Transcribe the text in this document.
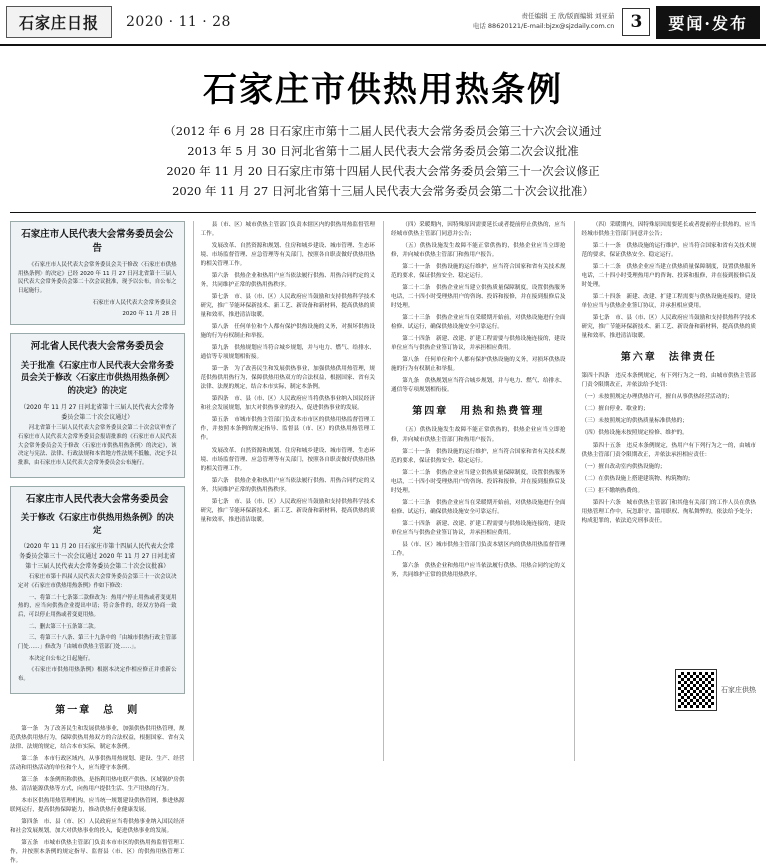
石家庄日报 2020 · 11 · 28	责任编辑 王 欣/版面编辑 刘亚茹
电话 88620121/E-mail:bjzx@sjzdaily.com.cn 3	要闻·发布
石家庄市供热用热条例
（2012 年 6 月 28 日石家庄市第十二届人民代表大会常务委员会第三十六次会议通过
2013 年 5 月 30 日河北省第十二届人民代表大会常务委员会第二次会议批准
2020 年 11 月 20 日石家庄市第十四届人民代表大会常务委员会第三十一次会议修正
2020 年 11 月 27 日河北省第十三届人民代表大会常务委员会第二十次会议批准）
石家庄市人民代表大会常务委员会公告

《石家庄市人民代表大会常务委员会关于修改〈石家庄市供热用热条例〉的决定》已经 2020 年 11 月 27 日河北省第十三届人民代表大会常务委员会第二十次会议批准，现予以公布，自公布之日起施行。

石家庄市人民代表大会常务委员会

2020 年 11 月 28 日

河北省人民代表大会常务委员会
关于批准《石家庄市人民代表大会常务委员会关于修改〈石家庄市供热用热条例〉的决定》的决定
（2020 年 11 月 27 日河北省第十三届人民代表大会常务委员会第二十次会议通过）

河北省第十三届人民代表大会常务委员会第二十次会议审查了石家庄市人民代表大会常务委员会报请批准的《石家庄市人民代表大会常务委员会关于修改〈石家庄市供热用热条例〉的决定》，该决定与宪法、法律、行政法规和本省地方性法规不抵触，决定予以批准，由石家庄市人民代表大会常务委员会公布施行。

石家庄市人民代表大会常务委员会
关于修改《石家庄市供热用热条例》的决定
（2020 年 11 月 20 日石家庄市第十四届人民代表大会常务委员会第三十一次会议通过 2020 年 11 月 27 日河北省第十三届人民代表大会常务委员会第二十次会议批准）

石家庄市第十四届人民代表大会常务委员会第三十一次会议决定对《石家庄市供热用热条例》作如下修改：

一、将第二十七条第二款修改为：热用户停止用热或者变更用热的，应当向供热企业提出申请；符合条件的，经双方协商一致后，可以停止用热或者变更用热。

二、删去第三十五条第二款。

三、将第三十八条、第三十九条中的「由城市供热行政主管部门处……」修改为「由城市供热主管部门处……」。

本决定自公布之日起施行。

《石家庄市供热用热条例》根据本决定作相应修正并重新公布。

第一章　总　则

第一条　为了改善民生和发展供热事业，加强供热供用热管理，规范供热供用热行为，保障供热用热双方的合法权益，根据国家、省有关法律、法规的规定，结合本市实际，制定本条例。

第二条　本市行政区域内，从事供热用热规划、建设、生产、经营活动和用热活动的单位和个人，应当遵守本条例。

第三条　本条例所称供热，是指利用热电联产供热、区域锅炉房供热、清洁能源供热等方式，向热用户提供生活、生产用热的行为。

本市区供热用热管理机构，应当统一规划建设供热管网，推进热源联网运行，提高供热保障能力，推动供热行业健康发展。

第四条　市、县（市、区）人民政府应当将供热事业纳入国民经济和社会发展规划，加大对供热事业的投入，促进供热事业的发展。

第五条　市城市供热主管部门负责本市市区的供热用热监督管理工作，并按照本条例的规定指导、监督县（市、区）的供热用热管理工作。

县（市、区）城市供热主管部门负责本辖区内的供热用热监督管理工作。

发展改革、自然资源和规划、住房和城乡建设、城市管理、生态环境、市场监督管理、应急管理等有关部门，按照各自职责做好供热用热的相关管理工作。

第六条　供热企业和热用户应当依法履行供热、用热合同约定的义务，共同维护正常的供热用热秩序。

第七条　市、县（市、区）人民政府应当鼓励和支持供热科学技术研究，推广节能环保新技术、新工艺、新设备和新材料，提高供热的质量和效率，推进清洁取暖。

第八条　任何单位和个人都有保护供热设施的义务，对损坏供热设施的行为有权制止和举报。

第九条　供热规划应当符合城乡规划，并与电力、燃气、给排水、通信等专项规划相衔接。

第一条　为了改善民生和发展供热事业，加强供热供用热管理，规范供热供用热行为，保障供热用热双方的合法权益，根据国家、省有关法律、法规的规定，结合本市实际，制定本条例。

第四条　市、县（市、区）人民政府应当将供热事业纳入国民经济和社会发展规划，加大对供热事业的投入，促进供热事业的发展。

第五条　市城市供热主管部门负责本市市区的供热用热监督管理工作，并按照本条例的规定指导、监督县（市、区）的供热用热管理工作。

发展改革、自然资源和规划、住房和城乡建设、城市管理、生态环境、市场监督管理、应急管理等有关部门，按照各自职责做好供热用热的相关管理工作。

第六条　供热企业和热用户应当依法履行供热、用热合同约定的义务，共同维护正常的供热用热秩序。

第七条　市、县（市、区）人民政府应当鼓励和支持供热科学技术研究，推广节能环保新技术、新工艺、新设备和新材料，提高供热的质量和效率，推进清洁取暖。

（四）采暖期内，因特殊原因需要延长或者提前停止供热的，应当经城市供热主管部门同意并公告；

（五）供热设施发生故障不能正常供热的，供热企业应当立即抢修，并向城市供热主管部门和热用户报告。

第二十一条　供热设施的运行维护，应当符合国家和省有关技术规范的要求，保证供热安全、稳定运行。

第二十二条　供热企业应当建立供热质量保障制度，设置供热服务电话，二十四小时受理热用户的咨询、投诉和报修，并在接到报修后及时处理。

第二十三条　供热企业应当在采暖期开始前，对供热设施进行全面检修、试运行，确保供热设施安全可靠运行。

第二十四条　新建、改建、扩建工程需要与供热设施连接的，建设单位应当与供热企业签订协议，并承担相应费用。

第八条　任何单位和个人都有保护供热设施的义务，对损坏供热设施的行为有权制止和举报。

第九条　供热规划应当符合城乡规划，并与电力、燃气、给排水、通信等专项规划相衔接。

第四章　用热和热费管理

（五）供热设施发生故障不能正常供热的，供热企业应当立即抢修，并向城市供热主管部门和热用户报告。

第二十一条　供热设施的运行维护，应当符合国家和省有关技术规范的要求，保证供热安全、稳定运行。

第二十二条　供热企业应当建立供热质量保障制度，设置供热服务电话，二十四小时受理热用户的咨询、投诉和报修，并在接到报修后及时处理。

第二十三条　供热企业应当在采暖期开始前，对供热设施进行全面检修、试运行，确保供热设施安全可靠运行。

第二十四条　新建、改建、扩建工程需要与供热设施连接的，建设单位应当与供热企业签订协议，并承担相应费用。

县（市、区）城市供热主管部门负责本辖区内的供热用热监督管理工作。

第六条　供热企业和热用户应当依法履行供热、用热合同约定的义务，共同维护正常的供热用热秩序。

（四）采暖期内，因特殊原因需要延长或者提前停止供热的，应当经城市供热主管部门同意并公告；

第二十一条　供热设施的运行维护，应当符合国家和省有关技术规范的要求，保证供热安全、稳定运行。

第二十二条　供热企业应当建立供热质量保障制度，设置供热服务电话，二十四小时受理热用户的咨询、投诉和报修，并在接到报修后及时处理。

第二十四条　新建、改建、扩建工程需要与供热设施连接的，建设单位应当与供热企业签订协议，并承担相应费用。

第七条　市、县（市、区）人民政府应当鼓励和支持供热科学技术研究，推广节能环保新技术、新工艺、新设备和新材料，提高供热的质量和效率，推进清洁取暖。

第六章　法律责任

第四十四条　违反本条例规定，有下列行为之一的，由城市供热主管部门责令限期改正，并依法给予处罚：

（一）未按照规定办理供热许可，擅自从事供热经营活动的；

（二）擅自停业、歇业的；

（三）未按照规定的供热质量标准供热的；

（四）供热设施未按照规定检修、维护的。

第四十五条　违反本条例规定，热用户有下列行为之一的，由城市供热主管部门责令限期改正，并依法承担相应责任：

（一）擅自改动室内供热设施的；

（二）在供热设施上搭建建筑物、构筑物的；

（三）拒不缴纳热费的。

第四十六条　城市供热主管部门和其他有关部门的工作人员在供热用热管理工作中，玩忽职守、滥用职权、徇私舞弊的，依法给予处分；构成犯罪的，依法追究刑事责任。

石家庄供热
